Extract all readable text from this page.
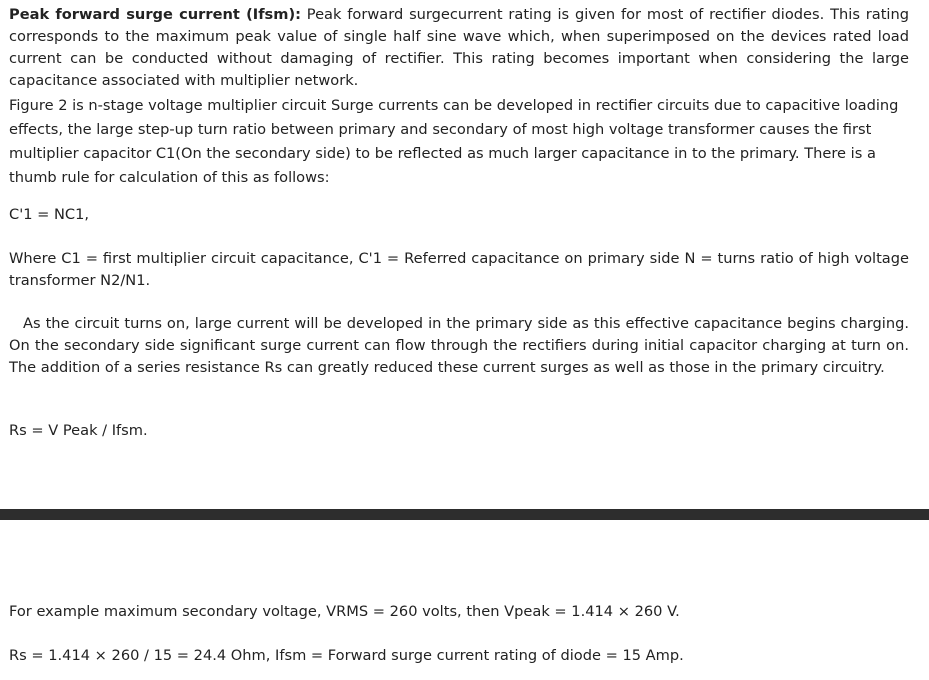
Peak forward surge current (Ifsm): Peak forward surgecurrent rating is given for most of rectifier diodes. This rating corresponds to the maximum peak value of single half sine wave which, when superimposed on the devices rated load current can be conducted without damaging of rectifier. This rating becomes important when considering the large capacitance associated with multiplier network.

Figure 2 is n-stage voltage multiplier circuit Surge currents can be developed in rectifier circuits due to capacitive loading effects, the large step-up turn ratio between primary and secondary of most high voltage transformer causes the first multiplier capacitor C1(On the secondary side) to be reflected as much larger capacitance in to the primary. There is a thumb rule for calculation of this as follows:

C'1 = NC1,

Where C1 = first multiplier circuit capacitance, C'1 = Referred capacitance on primary side N = turns ratio of high voltage transformer N2/N1.

As the circuit turns on, large current will be developed in the primary side as this effective capacitance begins charging. On the secondary side significant surge current can flow through the rectifiers during initial capacitor charging at turn on. The addition of a series resistance Rs can greatly reduced these current surges as well as those in the primary circuitry.

Rs = V Peak / Ifsm.

For example maximum secondary voltage, VRMS = 260 volts, then Vpeak = 1.414 × 260 V.

Rs = 1.414 × 260 / 15 = 24.4 Ohm, Ifsm = Forward surge current rating of diode = 15 Amp.
